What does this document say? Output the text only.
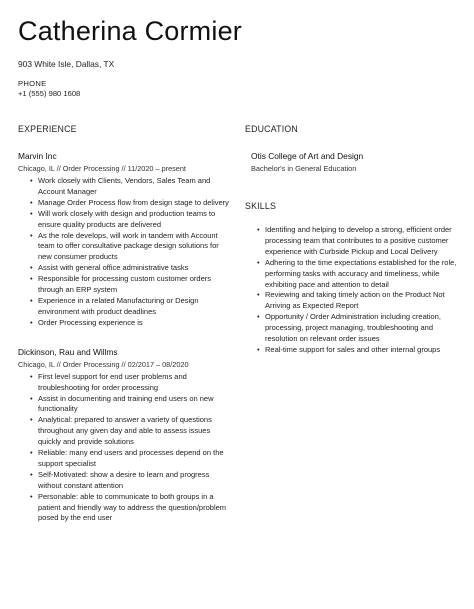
Catherina Cormier
903 White Isle, Dallas, TX
PHONE
+1 (555) 980 1608
EXPERIENCE

Marvin Inc

Chicago, IL // Order Processing // 11/2020 – present

• Work closely with Clients, Vendors, Sales Team and Account Manager
• Manage Order Process flow from design stage to delivery
• Will work closely with design and production teams to ensure quality products are delivered
• As the role develops, will work in tandem with Account team to offer consultative package design solutions for new consumer products
• Assist with general office administrative tasks
• Responsible for processing custom customer orders through an ERP system
• Experience in a related Manufacturing or Design environment with product deadlines
• Order Processing experience is

Dickinson, Rau and Willms

Chicago, IL // Order Processing // 02/2017 – 08/2020

• First level support for end user problems and troubleshooting for order processing
• Assist in documenting and training end users on new functionality
• Analytical: prepared to answer a variety of questions throughout any given day and able to assess issues quickly and provide solutions
• Reliable: many end users and processes depend on the support specialist
• Self-Motivated: show a desire to learn and progress without constant attention
• Personable: able to communicate to both groups in a patient and friendly way to address the question/problem posed by the end user
EDUCATION

Otis College of Art and Design

Bachelor's in General Education

SKILLS
• Identifing and helping to develop a strong, efficient order processing team that contributes to a positive customer experience with Curbside Pickup and Local Delivery
• Adhering to the time expectations established for the role, performing tasks with accuracy and timeliness, while exhibiting pace and attention to detail
• Reviewing and taking timely action on the Product Not Arriving as Expected Report
• Opportunity / Order Administration including creation, processing, project managing, troubleshooting and resolution on relevant order issues
• Real-time support for sales and other internal groups
